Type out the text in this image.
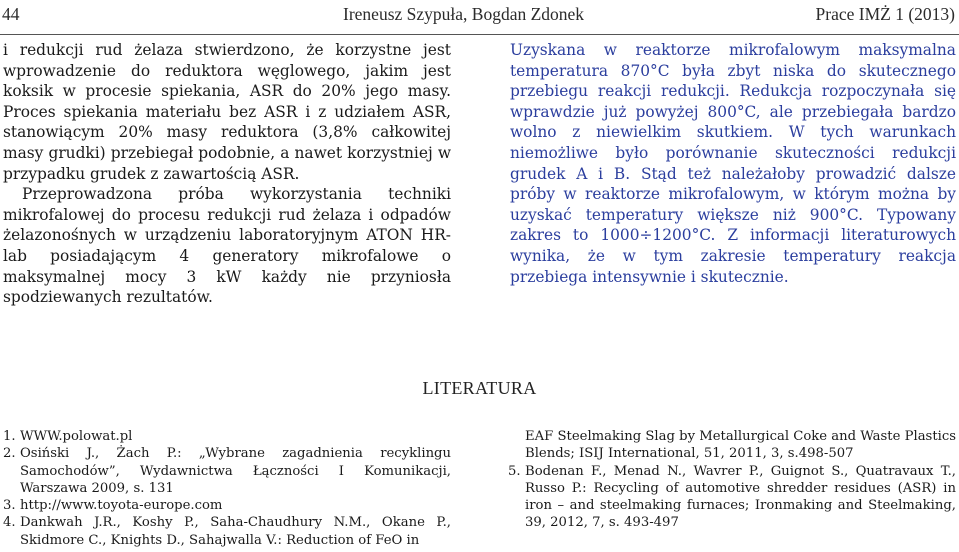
44	Ireneusz Szypuła, Bogdan Zdonek	Prace IMŻ 1 (2013)

i redukcji rud żelaza stwierdzono, że korzystne jest wprowadzenie do reduktora węglowego, jakim jest koksik w procesie spiekania, ASR do 20% jego masy. Proces spiekania materiału bez ASR i z udziałem ASR, stanowiącym 20% masy reduktora (3,8% całkowitej masy grudki) przebiegał podobnie, a nawet korzystniej w przypadku grudek z zawartością ASR.

Przeprowadzona próba wykorzystania techniki mikrofalowej do procesu redukcji rud żelaza i odpadów żelazonośnych w urządzeniu laboratoryjnym ATON HR-lab posiadającym 4 generatory mikrofalowe o maksymalnej mocy 3 kW każdy nie przyniosła spodziewanych rezultatów.

Uzyskana w reaktorze mikrofalowym maksymalna temperatura 870°C była zbyt niska do skutecznego przebiegu reakcji redukcji. Redukcja rozpoczynała się wprawdzie już powyżej 800°C, ale przebiegała bardzo wolno z niewielkim skutkiem. W tych warunkach niemożliwe było porównanie skuteczności redukcji grudek A i B. Stąd też należałoby prowadzić dalsze próby w reaktorze mikrofalowym, w którym można by uzyskać temperatury większe niż 900°C. Typowany zakres to 1000÷1200°C. Z informacji literaturowych wynika, że w tym zakresie temperatury reakcja przebiega intensywnie i skutecznie.

LITERATURA
1. WWW.polowat.pl
2. Osiński J., Żach P.: „Wybrane zagadnienia recyklingu Samochodów”, Wydawnictwa Łączności I Komunikacji, Warszawa 2009, s. 131
3. http://www.toyota-europe.com
4. Dankwah J.R., Koshy P., Saha-Chaudhury N.M., Okane P., Skidmore C., Knights D., Sahajwalla V.: Reduction of FeO in
EAF Steelmaking Slag by Metallurgical Coke and Waste Plastics Blends; ISIJ International, 51, 2011, 3, s.498-507
5. Bodenan F., Menad N., Wavrer P., Guignot S., Quatravaux T., Russo P.: Recycling of automotive shredder residues (ASR) in iron – and steelmaking furnaces; Ironmaking and Steelmaking, 39, 2012, 7, s. 493-497
